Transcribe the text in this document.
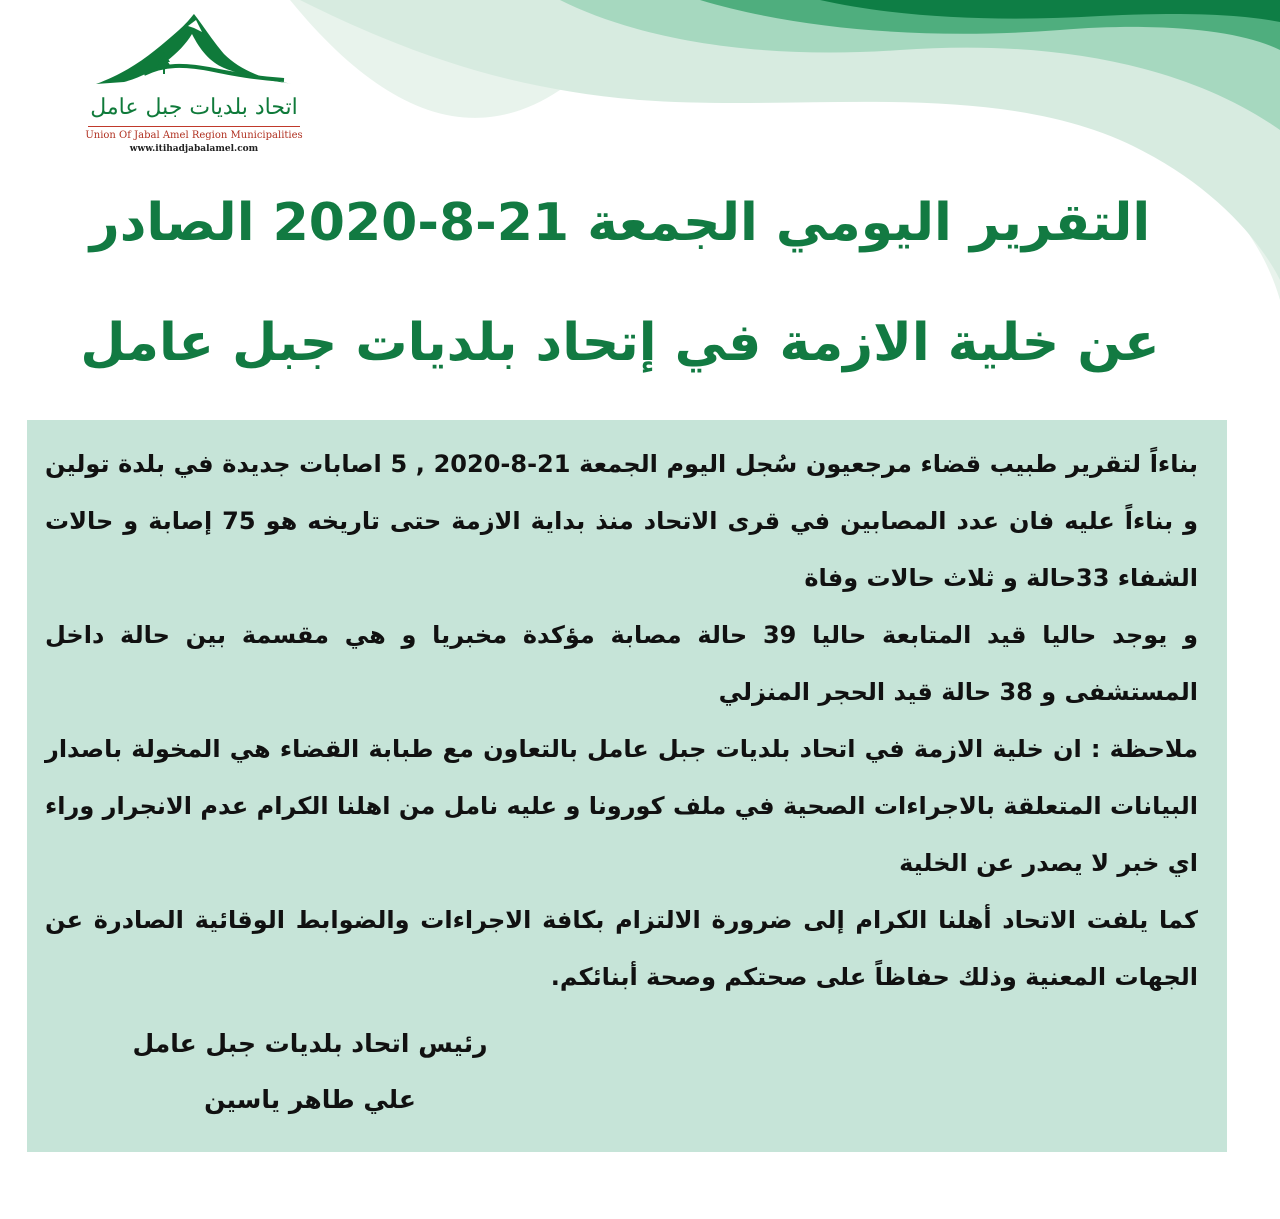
اتحاد بلديات جبل عامل
Union Of Jabal Amel Region Municipalities
www.itihadjabalamel.com
التقرير اليومي الجمعة 21-8-2020 الصادر
عن خلية الازمة في إتحاد بلديات جبل عامل

بناءاً لتقرير طبيب قضاء مرجعيون سُجل اليوم الجمعة 21-8-2020 , 5 اصابات جديدة في بلدة تولين و بناءاً عليه فان عدد المصابين في قرى الاتحاد منذ بداية الازمة حتى تاريخه هو 75 إصابة و حالات الشفاء 33حالة و ثلاث حالات وفاة

و يوجد حاليا قيد المتابعة حاليا 39 حالة مصابة مؤكدة مخبريا و هي مقسمة بين حالة داخل المستشفى و 38 حالة قيد الحجر المنزلي

ملاحظة : ان خلية الازمة في اتحاد بلديات جبل عامل بالتعاون مع طبابة القضاء هي المخولة باصدار البيانات المتعلقة بالاجراءات الصحية في ملف كورونا و عليه نامل من اهلنا الكرام عدم الانجرار وراء اي خبر لا يصدر عن الخلية

كما يلفت الاتحاد أهلنا الكرام إلى ضرورة الالتزام بكافة الاجراءات والضوابط الوقائية الصادرة عن الجهات المعنية وذلك حفاظاً على صحتكم وصحة أبنائكم.

رئيس اتحاد بلديات جبل عامل
علي طاهر ياسين
